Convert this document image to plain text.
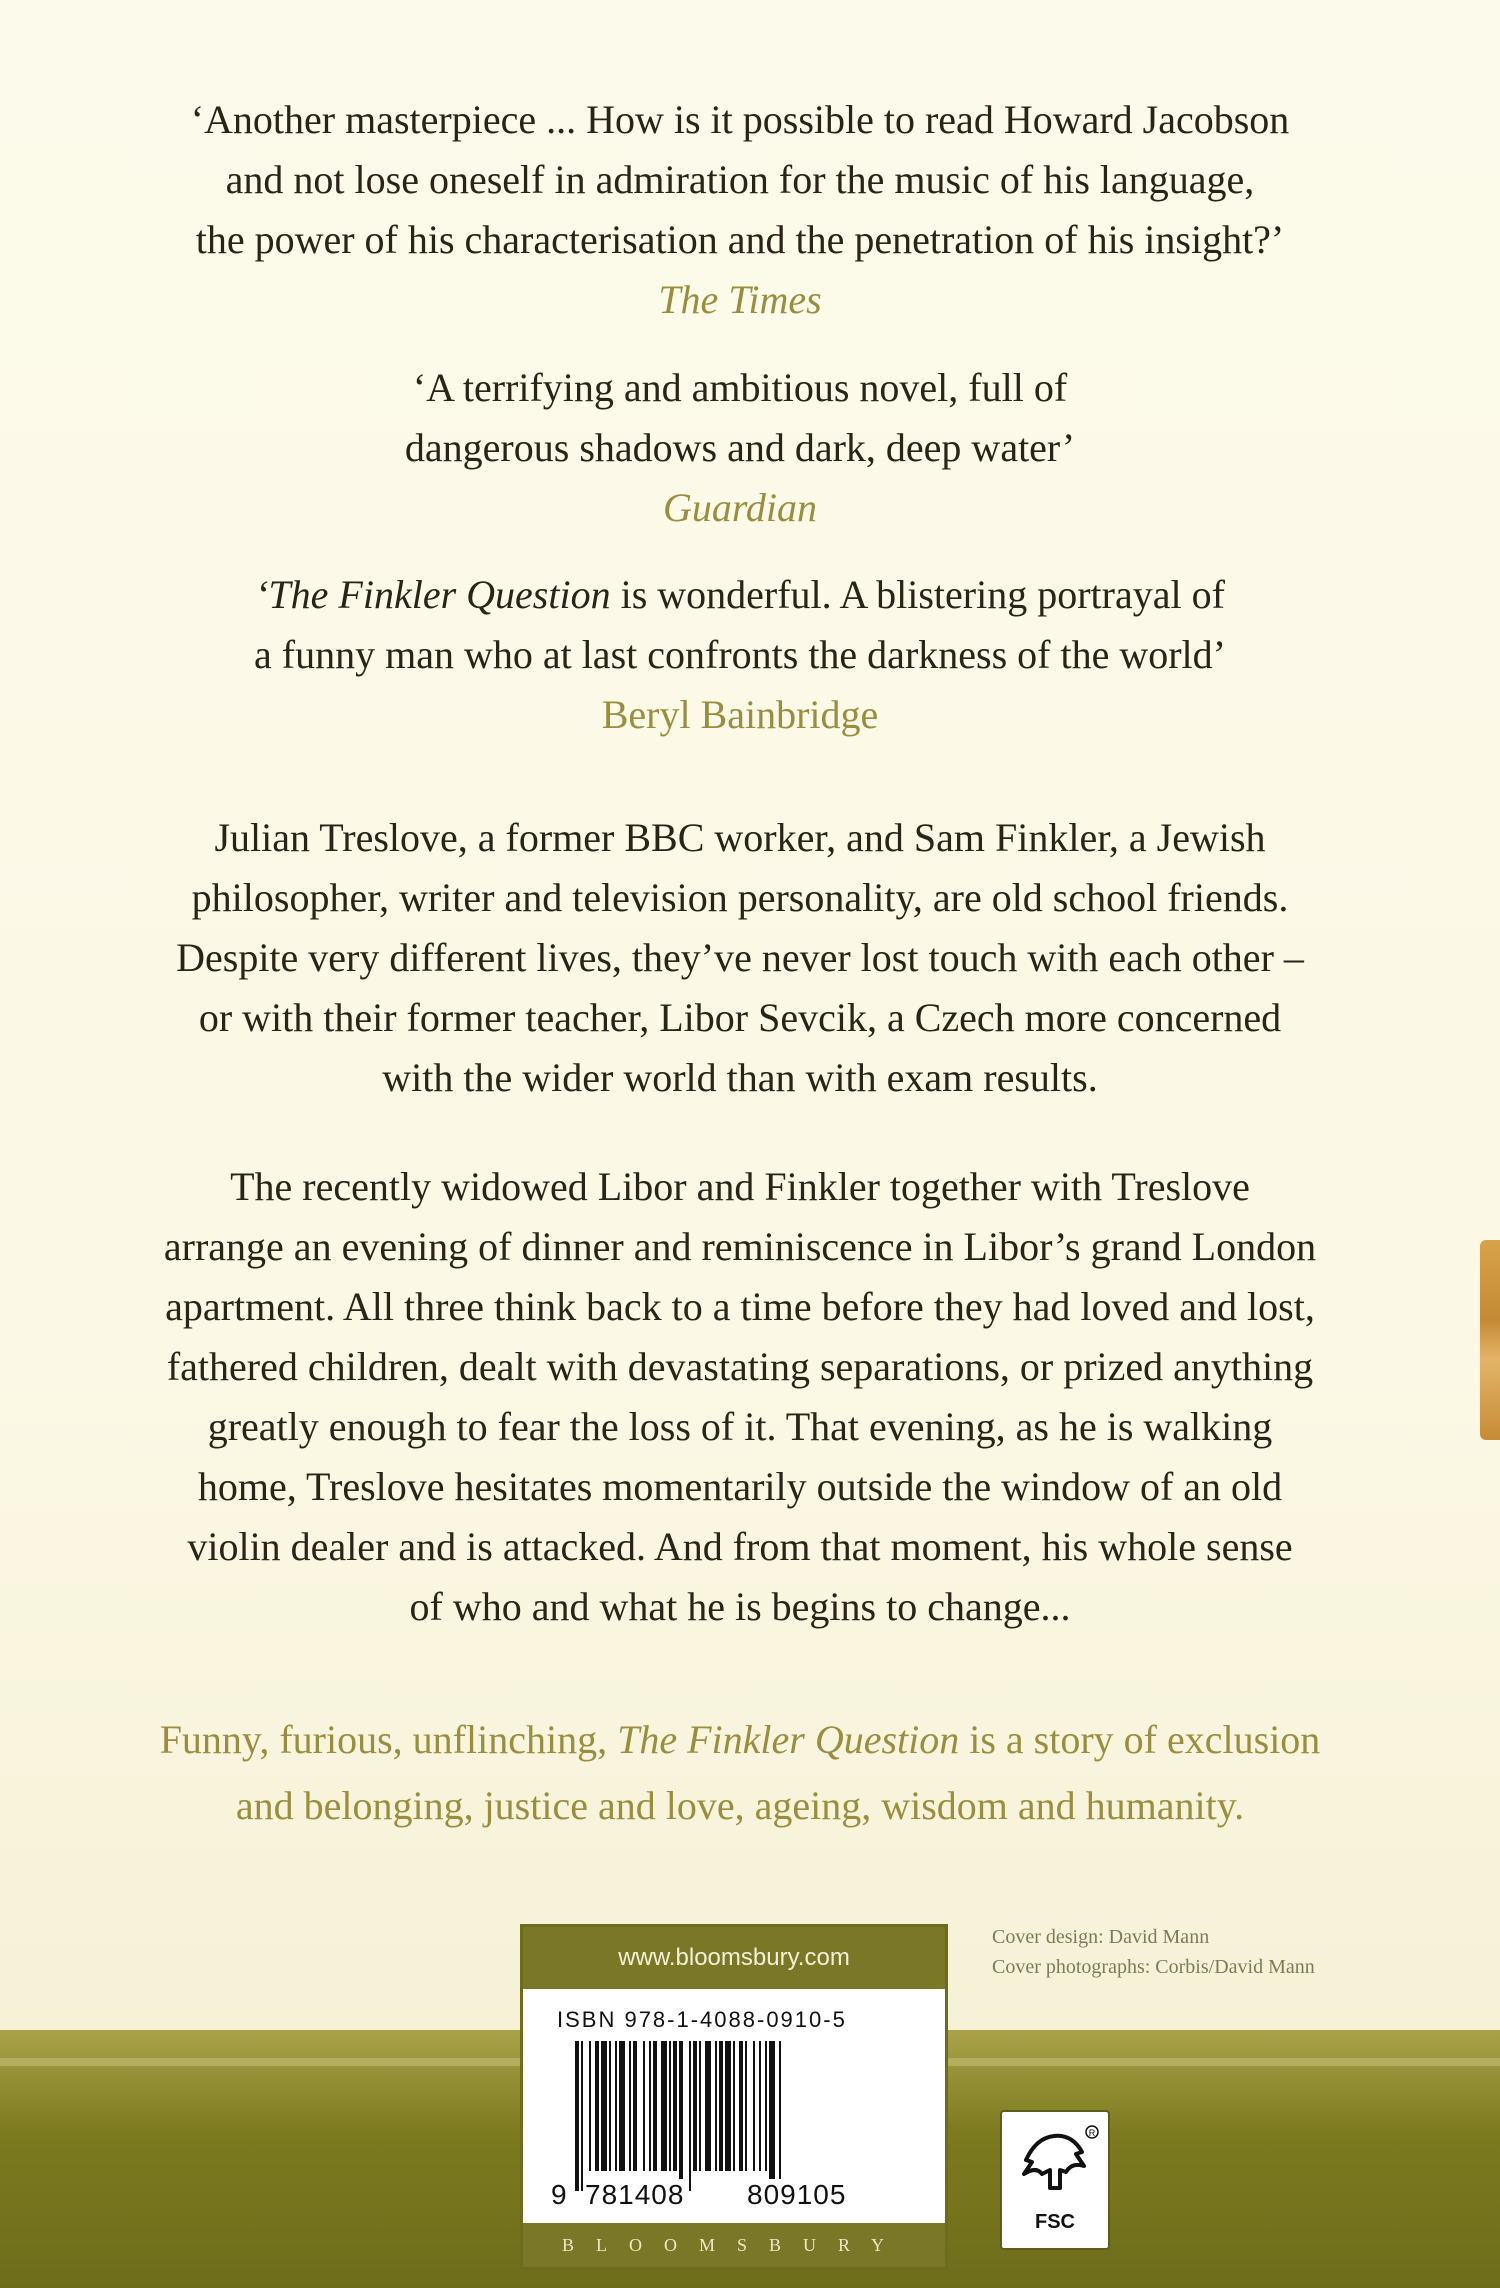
‘Another masterpiece ... How is it possible to read Howard Jacobson
and not lose oneself in admiration for the music of his language,
the power of his characterisation and the penetration of his insight?’
The Times
‘A terrifying and ambitious novel, full of
dangerous shadows and dark, deep water’
Guardian
‘The Finkler Question is wonderful. A blistering portrayal of
a funny man who at last confronts the darkness of the world’
Beryl Bainbridge
Julian Treslove, a former BBC worker, and Sam Finkler, a Jewish
philosopher, writer and television personality, are old school friends.
Despite very different lives, they’ve never lost touch with each other –
or with their former teacher, Libor Sevcik, a Czech more concerned
with the wider world than with exam results.
The recently widowed Libor and Finkler together with Treslove
arrange an evening of dinner and reminiscence in Libor’s grand London
apartment. All three think back to a time before they had loved and lost,
fathered children, dealt with devastating separations, or prized anything
greatly enough to fear the loss of it. That evening, as he is walking
home, Treslove hesitates momentarily outside the window of an old
violin dealer and is attacked. And from that moment, his whole sense
of who and what he is begins to change...
Funny, furious, unflinching, The Finkler Question is a story of exclusion
and belonging, justice and love, ageing, wisdom and humanity.
www.bloomsbury.com
ISBN 978-1-4088-0910-5
9 781408 809105
BLOOMSBURY
Cover design: David Mann
Cover photographs: Corbis/David Mann
R
FSC
